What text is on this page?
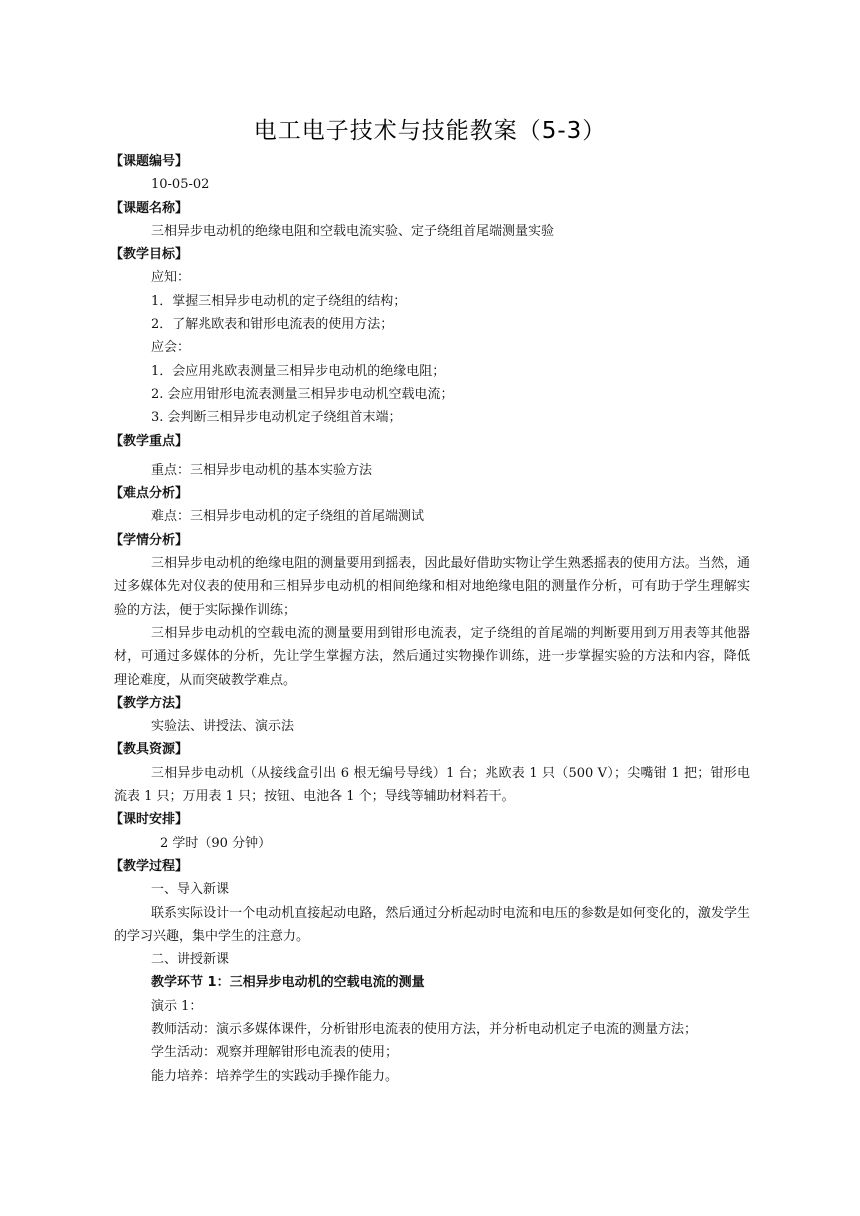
电工电子技术与技能教案（5-3）
【课题编号】
10-05-02
【课题名称】
三相异步电动机的绝缘电阻和空载电流实验、定子绕组首尾端测量实验
【教学目标】
应知：
1．掌握三相异步电动机的定子绕组的结构；
2．了解兆欧表和钳形电流表的使用方法；
应会：
1．会应用兆欧表测量三相异步电动机的绝缘电阻；
2. 会应用钳形电流表测量三相异步电动机空载电流；
3. 会判断三相异步电动机定子绕组首末端；
【教学重点】
重点：三相异步电动机的基本实验方法
【难点分析】
难点：三相异步电动机的定子绕组的首尾端测试
【学情分析】
三相异步电动机的绝缘电阻的测量要用到摇表，因此最好借助实物让学生熟悉摇表的使用方法。当然，通过多媒体先对仪表的使用和三相异步电动机的相间绝缘和相对地绝缘电阻的测量作分析，可有助于学生理解实验的方法，便于实际操作训练；
三相异步电动机的空载电流的测量要用到钳形电流表，定子绕组的首尾端的判断要用到万用表等其他器材，可通过多媒体的分析，先让学生掌握方法，然后通过实物操作训练，进一步掌握实验的方法和内容，降低理论难度，从而突破教学难点。
【教学方法】
实验法、讲授法、演示法
【教具资源】
三相异步电动机（从接线盒引出 6 根无编号导线）1 台；兆欧表 1 只（500 V）；尖嘴钳 1 把；钳形电流表 1 只；万用表 1 只；按钮、电池各 1 个；导线等辅助材料若干。
【课时安排】
2 学时（90 分钟）
【教学过程】
一、导入新课
联系实际设计一个电动机直接起动电路，然后通过分析起动时电流和电压的参数是如何变化的，激发学生的学习兴趣，集中学生的注意力。
二、讲授新课
教学环节 1：三相异步电动机的空载电流的测量
演示 1：
教师活动：演示多媒体课件，分析钳形电流表的使用方法，并分析电动机定子电流的测量方法；
学生活动：观察并理解钳形电流表的使用；
能力培养：培养学生的实践动手操作能力。
